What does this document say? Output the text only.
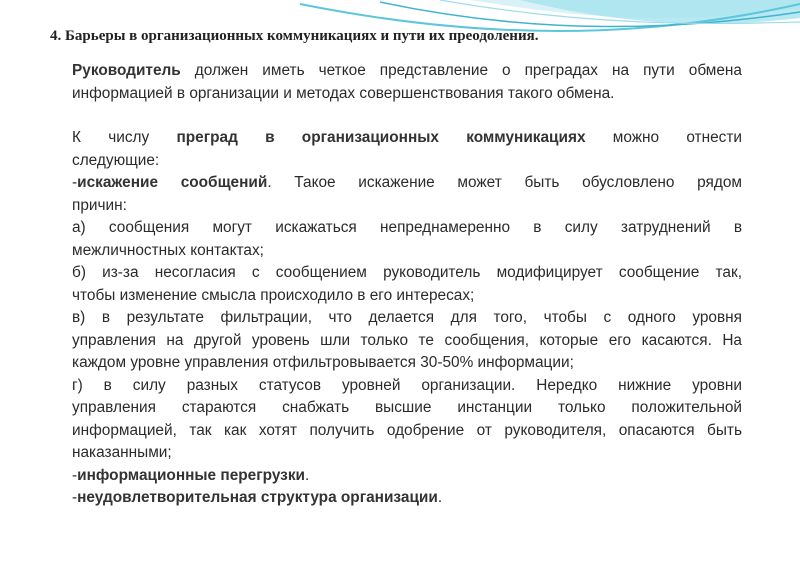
4. Барьеры в организационных коммуникациях и пути их преодоления.
Руководитель должен иметь четкое представление о преградах на пути обмена
информацией в организации и методах совершенствования такого обмена.
К числу преград в организационных коммуникациях можно отнести
следующие:
-искажение сообщений. Такое искажение может быть обусловлено рядом
причин:
а) сообщения могут искажаться непреднамеренно в силу затруднений в
межличностных контактах;
б) из-за несогласия с сообщением руководитель модифицирует сообщение так,
чтобы изменение смысла происходило в его интересах;
в) в результате фильтрации, что делается для того, чтобы с одного уровня
управления на другой уровень шли только те сообщения, которые его касаются. На
каждом уровне управления отфильтровывается 30-50% информации;
г) в силу разных статусов уровней организации. Нередко нижние уровни
управления стараются снабжать высшие инстанции только положительной
информацией, так как хотят получить одобрение от руководителя, опасаются быть
наказанными;
-информационные перегрузки.
-неудовлетворительная структура организации.
